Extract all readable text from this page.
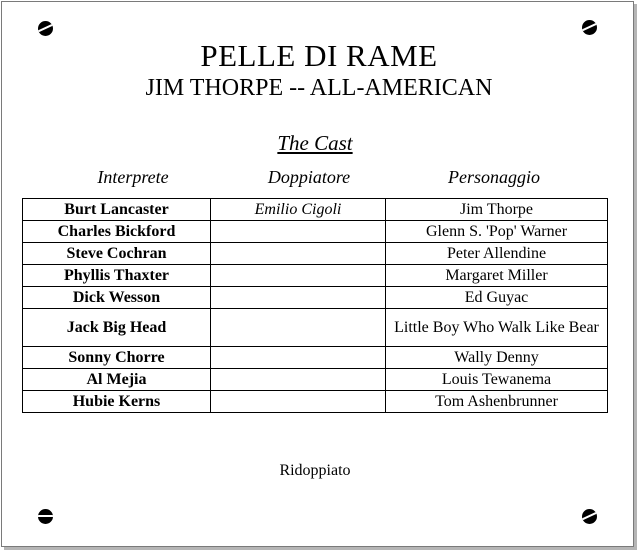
PELLE DI RAME
JIM THORPE -- ALL-AMERICAN
The Cast
Interprete	Doppiatore	Personaggio
Burt Lancaster	Emilio Cigoli	Jim Thorpe
Charles Bickford		Glenn S. 'Pop' Warner
Steve Cochran		Peter Allendine
Phyllis Thaxter		Margaret Miller
Dick Wesson		Ed Guyac
Jack Big Head		Little Boy Who Walk Like Bear
Sonny Chorre		Wally Denny
Al Mejia		Louis Tewanema
Hubie Kerns		Tom Ashenbrunner
Ridoppiato
